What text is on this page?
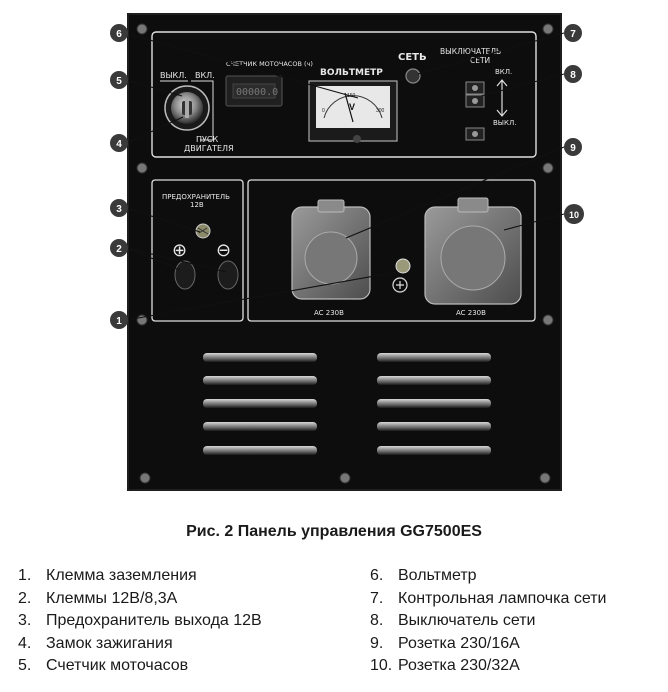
ВЫКЛ. ВКЛ.
ПУСК
ДВИГАТЕЛЯ
СЧЕТЧИК МОТОЧАСОВ (ч)
00000.0
ВОЛЬТМЕТР
0
150
300
V
СЕТЬ
ВЫКЛЮЧАТЕЛЬ
СЕТИ
ВКЛ.
ВЫКЛ.
ПРЕДОХРАНИТЕЛЬ
12В
⊕ ⊖
AC 230В	AC 230В
6
5
4
3
2
1
7
8
9
10
Рис. 2 Панель управления GG7500ES
1. Клемма заземления
2. Клеммы 12В/8,3А
3. Предохранитель выхода 12В
4. Замок зажигания
5. Счетчик моточасов
6. Вольтметр
7. Контрольная лампочка сети
8. Выключатель сети
9. Розетка 230/16А
10. Розетка 230/32А
